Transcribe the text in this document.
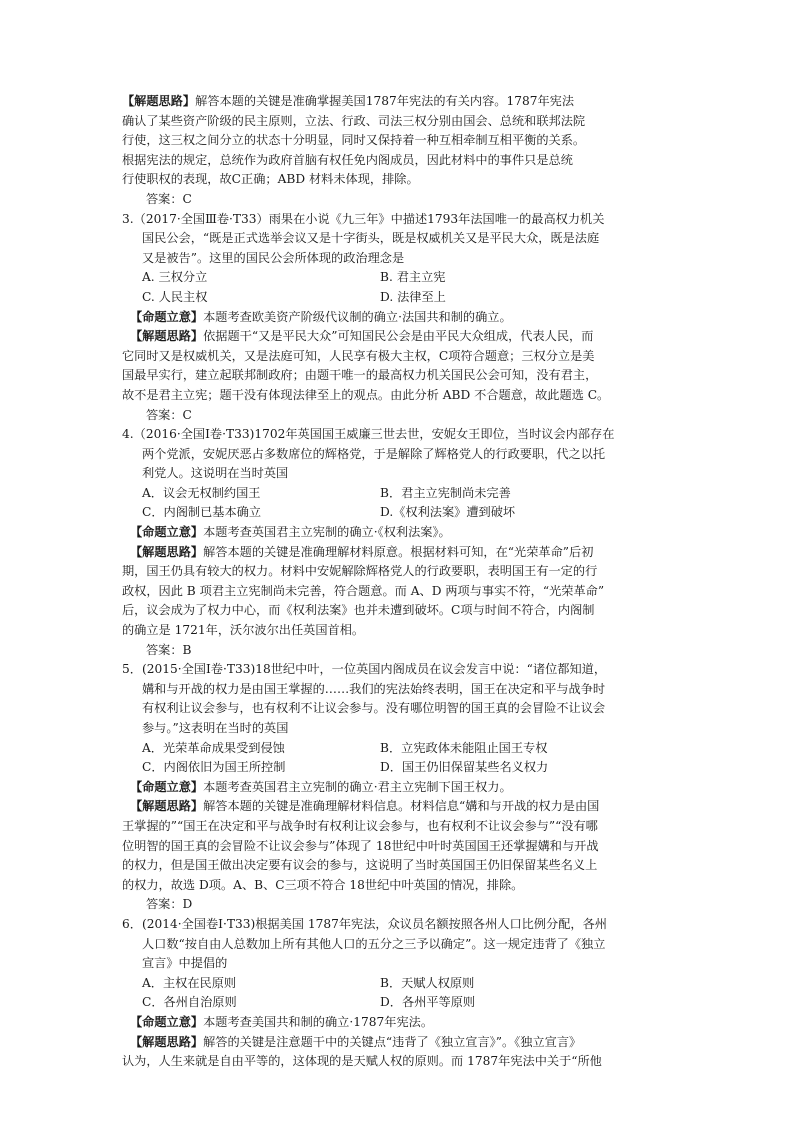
【解题思路】解答本题的关键是准确掌握美国1787年宪法的有关内容。1787年宪法
确认了某些资产阶级的民主原则，立法、行政、司法三权分别由国会、总统和联邦法院
行使，这三权之间分立的状态十分明显，同时又保持着一种互相牵制互相平衡的关系。
根据宪法的规定，总统作为政府首脑有权任免内阁成员，因此材料中的事件只是总统
行使职权的表现，故C正确；ABD 材料未体现，排除。
答案：C
3.（2017·全国Ⅲ卷·T33）雨果在小说《九三年》中描述1793年法国唯一的最高权力机关
国民公会，“既是正式选举会议又是十字街头，既是权威机关又是平民大众，既是法庭
又是被告”。这里的国民公会所体现的政治理念是
A. 三权分立	B. 君主立宪
C. 人民主权	D. 法律至上
【命题立意】本题考查欧美资产阶级代议制的确立·法国共和制的确立。
【解题思路】依据题干“又是平民大众”可知国民公会是由平民大众组成，代表人民，而
它同时又是权威机关，又是法庭可知，人民享有极大主权，C项符合题意；三权分立是美
国最早实行，建立起联邦制政府；由题干唯一的最高权力机关国民公会可知，没有君主，
故不是君主立宪；题干没有体现法律至上的观点。由此分析 ABD 不合题意，故此题选 C。
答案：C
4.（2016·全国Ⅰ卷·T33)1702年英国国王威廉三世去世，安妮女王即位，当时议会内部存在
两个党派，安妮厌恶占多数席位的辉格党，于是解除了辉格党人的行政要职，代之以托
利党人。这说明在当时英国
A．议会无权制约国王	B．君主立宪制尚未完善
C．内阁制已基本确立	D.《权利法案》遭到破坏
【命题立意】本题考查英国君主立宪制的确立·《权利法案》。
【解题思路】解答本题的关键是准确理解材料原意。根据材料可知，在“光荣革命”后初
期，国王仍具有较大的权力。材料中安妮解除辉格党人的行政要职，表明国王有一定的行
政权，因此 B 项君主立宪制尚未完善，符合题意。而 A、D 两项与事实不符，“光荣革命”
后，议会成为了权力中心，而《权利法案》也并未遭到破坏。C项与时间不符合，内阁制
的确立是 1721年，沃尔波尔出任英国首相。
答案：B
5．(2015·全国Ⅰ卷·T33)18世纪中叶，一位英国内阁成员在议会发言中说：“诸位都知道，
媾和与开战的权力是由国王掌握的……我们的宪法始终表明，国王在决定和平与战争时
有权利让议会参与，也有权利不让议会参与。没有哪位明智的国王真的会冒险不让议会
参与。”这表明在当时的英国
A．光荣革命成果受到侵蚀	B．立宪政体未能阻止国王专权
C．内阁依旧为国王所控制	D．国王仍旧保留某些名义权力
【命题立意】本题考查英国君主立宪制的确立·君主立宪制下国王权力。
【解题思路】解答本题的关键是准确理解材料信息。材料信息“媾和与开战的权力是由国
王掌握的”“国王在决定和平与战争时有权利让议会参与，也有权利不让议会参与”“没有哪
位明智的国王真的会冒险不让议会参与”体现了 18世纪中叶时英国国王还掌握媾和与开战
的权力，但是国王做出决定要有议会的参与，这说明了当时英国国王仍旧保留某些名义上
的权力，故选 D项。A、B、C三项不符合 18世纪中叶英国的情况，排除。
答案：D
6．(2014·全国卷Ⅰ·T33)根据美国 1787年宪法，众议员名额按照各州人口比例分配，各州
人口数“按自由人总数加上所有其他人口的五分之三予以确定”。这一规定违背了《独立
宣言》中提倡的
A．主权在民原则	B．天赋人权原则
C．各州自治原则	D．各州平等原则
【命题立意】本题考查美国共和制的确立·1787年宪法。
【解题思路】解答的关键是注意题干中的关键点“违背了《独立宣言》”。《独立宣言》
认为，人生来就是自由平等的，这体现的是天赋人权的原则。而 1787年宪法中关于“所他
